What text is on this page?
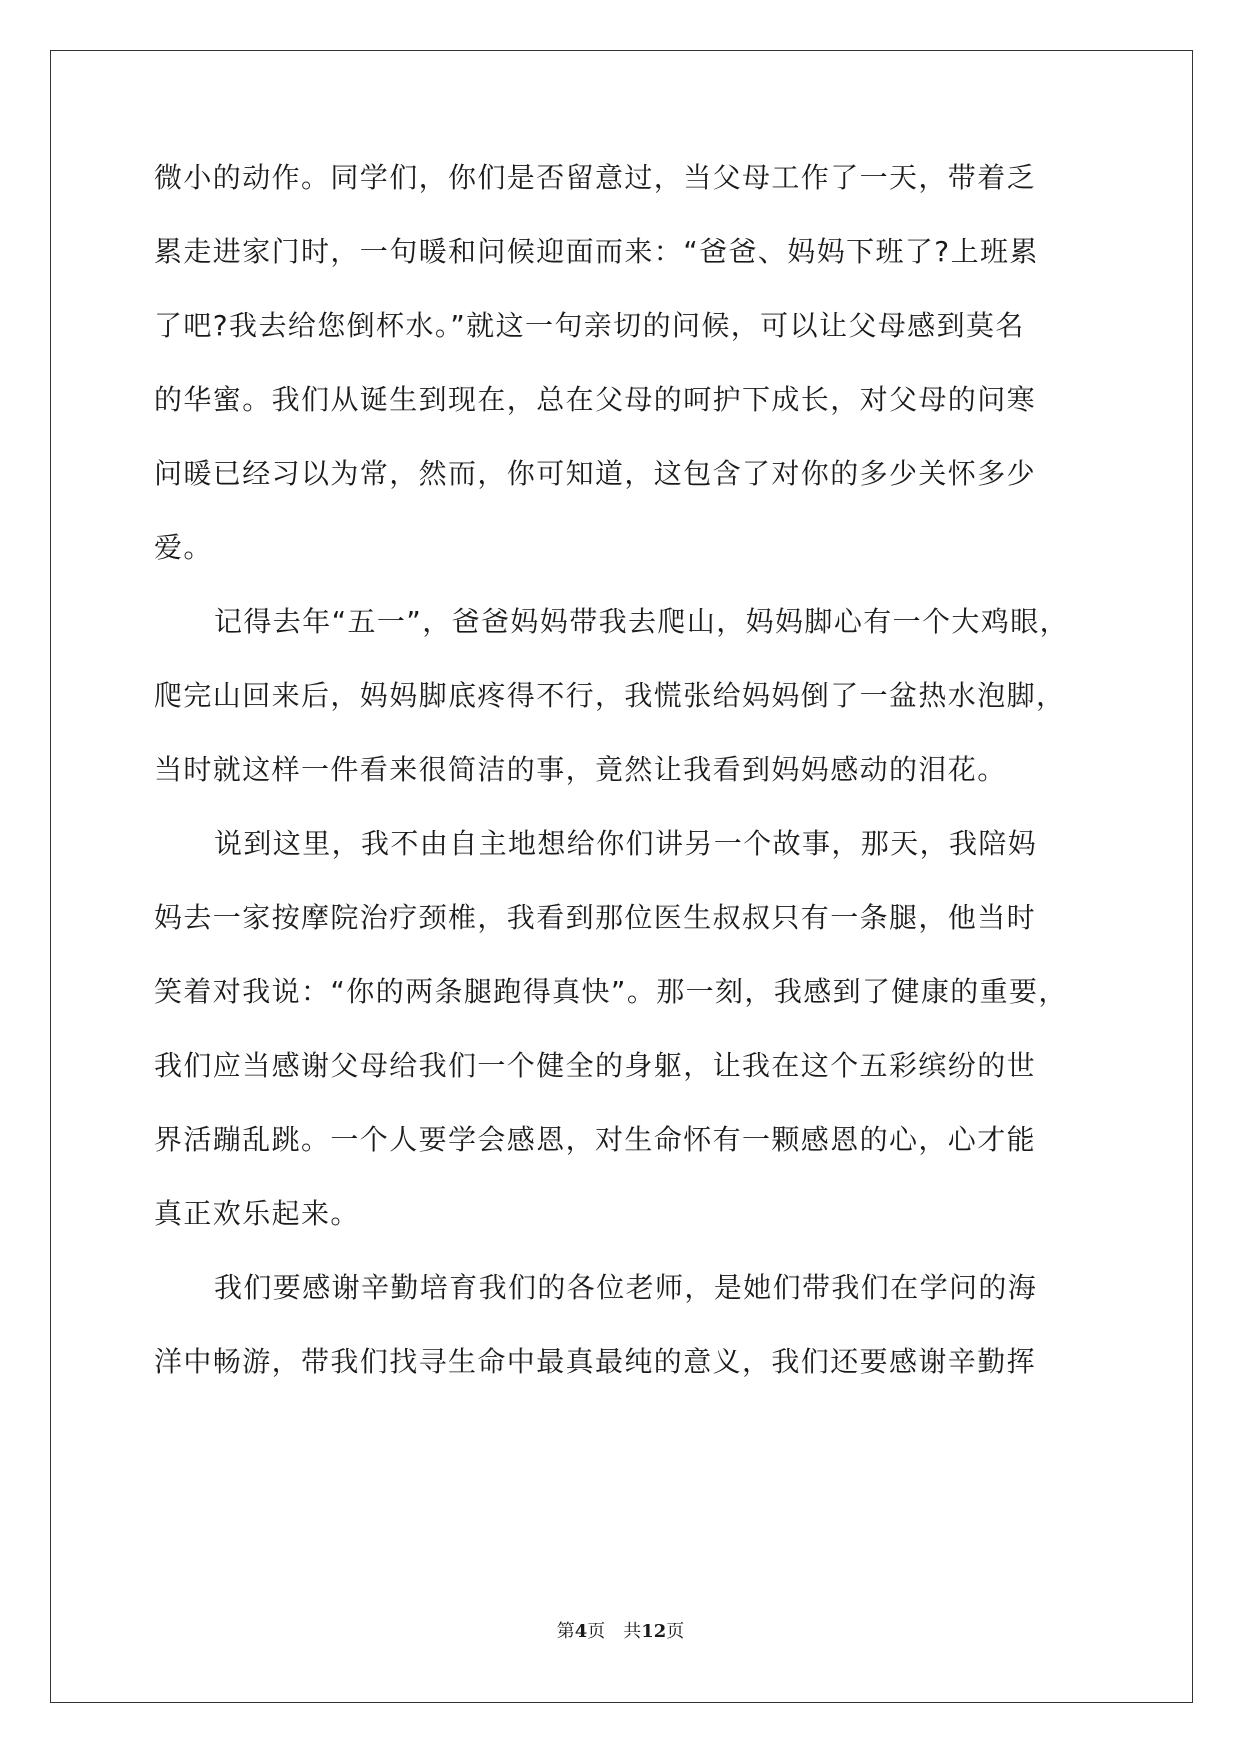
微小的动作。同学们，你们是否留意过，当父母工作了一天，带着乏
累走进家门时，一句暖和问候迎面而来：“爸爸、妈妈下班了?上班累
了吧?我去给您倒杯水。”就这一句亲切的问候，可以让父母感到莫名
的华蜜。我们从诞生到现在，总在父母的呵护下成长，对父母的问寒
问暖已经习以为常，然而，你可知道，这包含了对你的多少关怀多少
爱。
记得去年“五一”，爸爸妈妈带我去爬山，妈妈脚心有一个大鸡眼，
爬完山回来后，妈妈脚底疼得不行，我慌张给妈妈倒了一盆热水泡脚，
当时就这样一件看来很简洁的事，竟然让我看到妈妈感动的泪花。
说到这里，我不由自主地想给你们讲另一个故事，那天，我陪妈
妈去一家按摩院治疗颈椎，我看到那位医生叔叔只有一条腿，他当时
笑着对我说：“你的两条腿跑得真快”。那一刻，我感到了健康的重要，
我们应当感谢父母给我们一个健全的身躯，让我在这个五彩缤纷的世
界活蹦乱跳。一个人要学会感恩，对生命怀有一颗感恩的心，心才能
真正欢乐起来。
我们要感谢辛勤培育我们的各位老师，是她们带我们在学问的海
洋中畅游，带我们找寻生命中最真最纯的意义，我们还要感谢辛勤挥
第4页 共12页
